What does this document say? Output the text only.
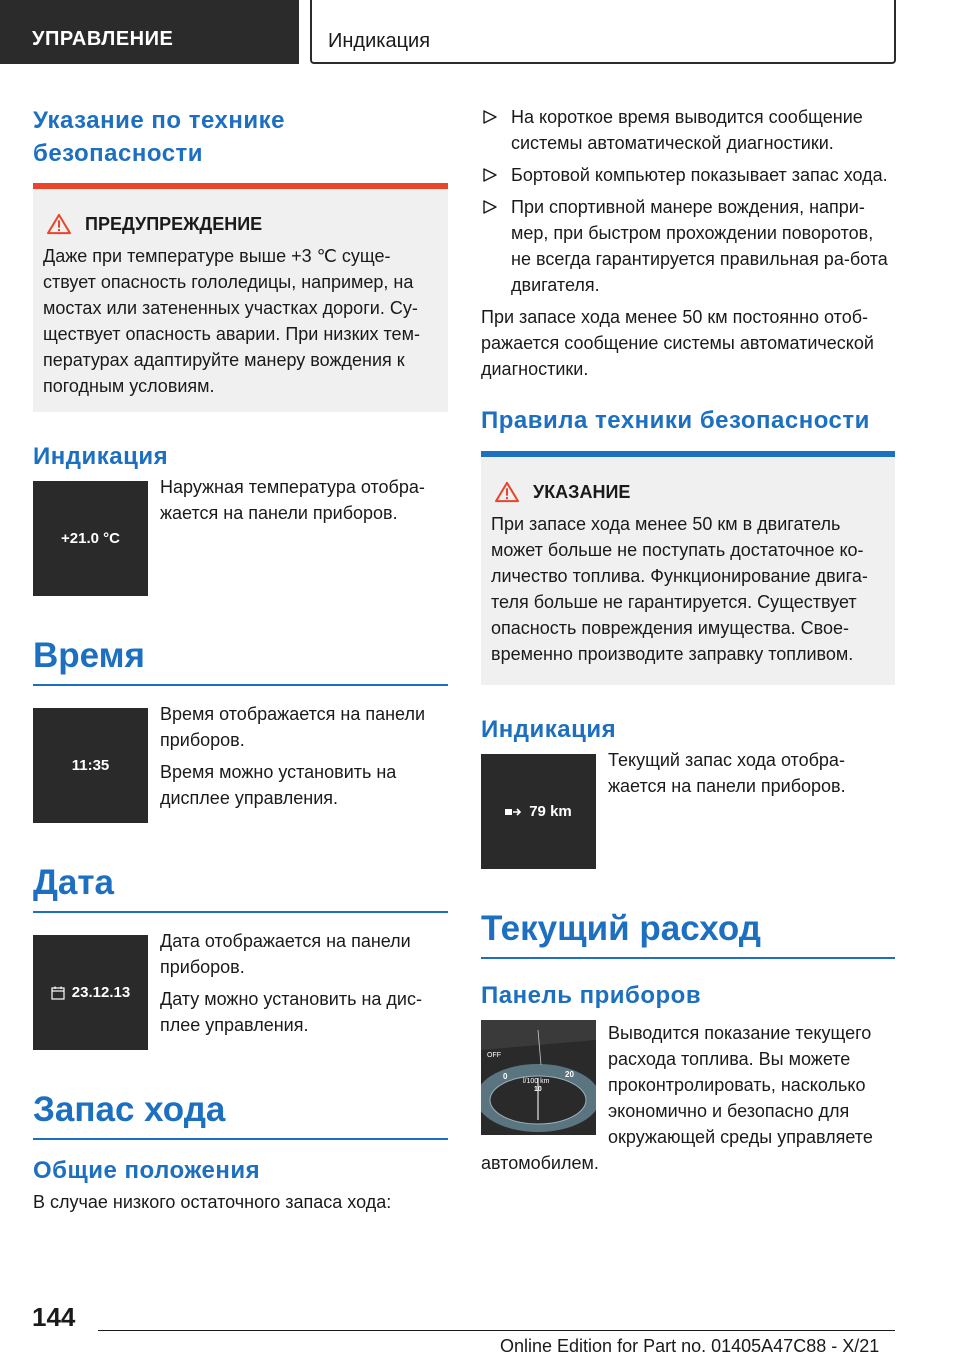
УПРАВЛЕНИЕ	Индикация
Указание по технике безопасности
ПРЕДУПРЕЖДЕНИЕ
Даже при температуре выше +3 ℃ суще‐ствует опасность гололедицы, например, на мостах или затененных участках дороги. Су‐ществует опасность аварии. При низких тем‐пературах адаптируйте манеру вождения к погодным условиям.
Индикация
+21.0 °C

Наружная температура отобра‐жается на панели приборов.

Время
11:35

Время отображается на панели приборов.

Время можно установить на дисплее управления.

Дата
23.12.13

Дата отображается на панели приборов.

Дату можно установить на дис‐плее управления.

Запас хода
Общие положения
В случае низкого остаточного запаса хода:
На короткое время выводится сообщение системы автоматической диагностики.
Бортовой компьютер показывает запас хода.
При спортивной манере вождения, напри‐мер, при быстром прохождении поворотов, не всегда гарантируется правильная ра‐бота двигателя.
При запасе хода менее 50 км постоянно отоб‐ражается сообщение системы автоматической диагностики.
Правила техники безопасности
УКАЗАНИЕ
При запасе хода менее 50 км в двигатель может больше не поступать достаточное ко‐личество топлива. Функционирование двига‐теля больше не гарантируется. Существует опасность повреждения имущества. Свое‐временно производите заправку топливом.
Индикация
79 km

Текущий запас хода отобра‐жается на панели приборов.

Текущий расход
Панель приборов
OFF
0	20
l/100 km
10
Выводится показание текущего расхода топлива. Вы можете проконтролировать, насколько экономично и безопасно для окружающей среды управляете автомобилем.
144
Online Edition for Part no. 01405A47C88 - X/21
